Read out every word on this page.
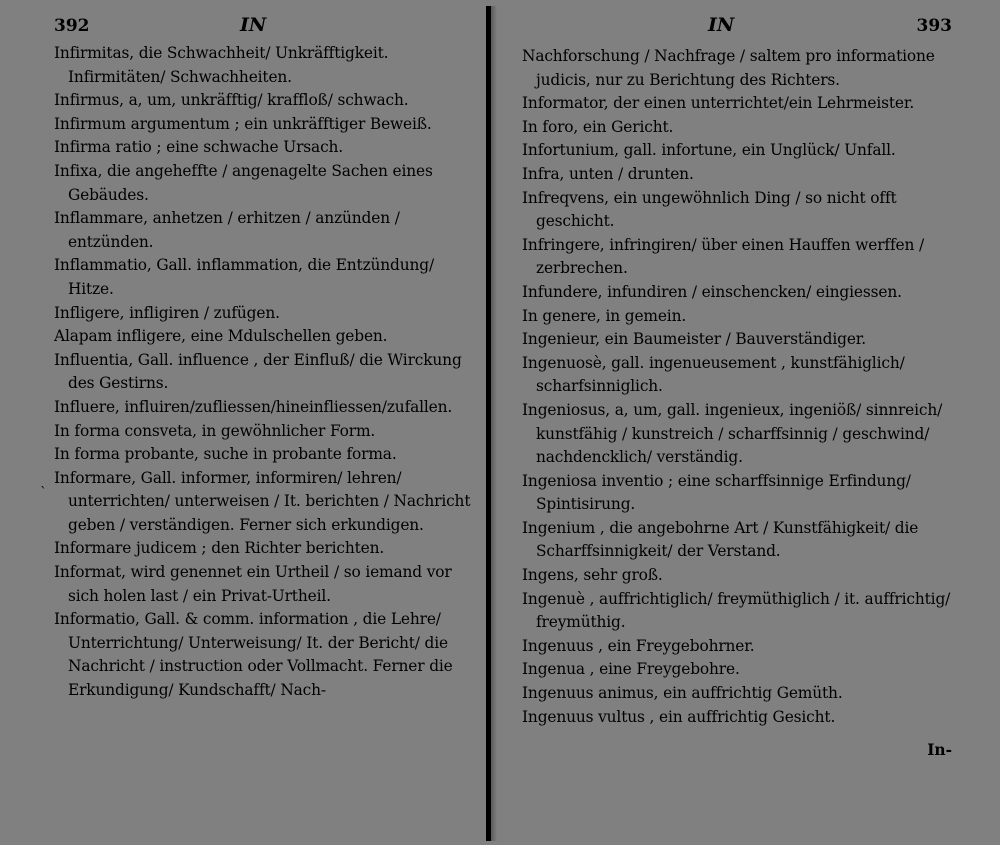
392	IN
Infirmitas, die Schwachheit/ Unkräfftigkeit. Infirmitäten/ Schwachheiten.
Infirmus, a, um, unkräfftig/ kraffloß/ schwach.
Infirmum argumentum ; ein unkräfftiger Beweiß.
Infirma ratio ; eine schwache Ursach.
Infixa, die angeheffte / angenagelte Sachen eines Gebäudes.
Inflammare, anhetzen / erhitzen / anzünden / entzünden.
Inflammatio, Gall. inflammation, die Entzündung/ Hitze.
Infligere, infligiren / zufügen.
Alapam infligere, eine Mdulschellen geben.
Influentia, Gall. influence , der Einfluß/ die Wirckung des Gestirns.
Influere, influiren/zufliessen/hineinfliessen/zufallen.
In forma consveta, in gewöhnlicher Form.
In forma probante, suche in probante forma.
Informare, Gall. informer, informiren/ lehren/ unterrichten/ unterweisen / It. berichten / Nachricht geben / verständigen. Ferner sich erkundigen.
Informare judicem ; den Richter berichten.
Informat, wird genennet ein Urtheil / so iemand vor sich holen last / ein Privat-Urtheil.
Informatio, Gall. & comm. information , die Lehre/ Unterrichtung/ Unterweisung/ It. der Bericht/ die Nachricht / instruction oder Vollmacht. Ferner die Erkundigung/ Kundschafft/ Nach-
`
IN	393
Nachforschung / Nachfrage / saltem pro informatione judicis, nur zu Berichtung des Richters.
Informator, der einen unterrichtet/ein Lehrmeister.
In foro, ein Gericht.
Infortunium, gall. infortune, ein Unglück/ Unfall.
Infra, unten / drunten.
Infreqvens, ein ungewöhnlich Ding / so nicht offt geschicht.
Infringere, infringiren/ über einen Hauffen werffen / zerbrechen.
Infundere, infundiren / einschencken/ eingiessen.
In genere, in gemein.
Ingenieur, ein Baumeister / Bauverständiger.
Ingenuosè, gall. ingenueusement , kunstfähiglich/ scharfsinniglich.
Ingeniosus, a, um, gall. ingenieux, ingeniöß/ sinnreich/ kunstfähig / kunstreich / scharffsinnig / geschwind/ nachdencklich/ verständig.
Ingeniosa inventio ; eine scharffsinnige Erfindung/ Spintisirung.
Ingenium , die angebohrne Art / Kunstfähigkeit/ die Scharffsinnigkeit/ der Verstand.
Ingens, sehr groß.
Ingenuè , auffrichtiglich/ freymüthiglich / it. auffrichtig/ freymüthig.
Ingenuus , ein Freygebohrner.
Ingenua , eine Freygebohre.
Ingenuus animus, ein auffrichtig Gemüth.
Ingenuus vultus , ein auffrichtig Gesicht.
In-
